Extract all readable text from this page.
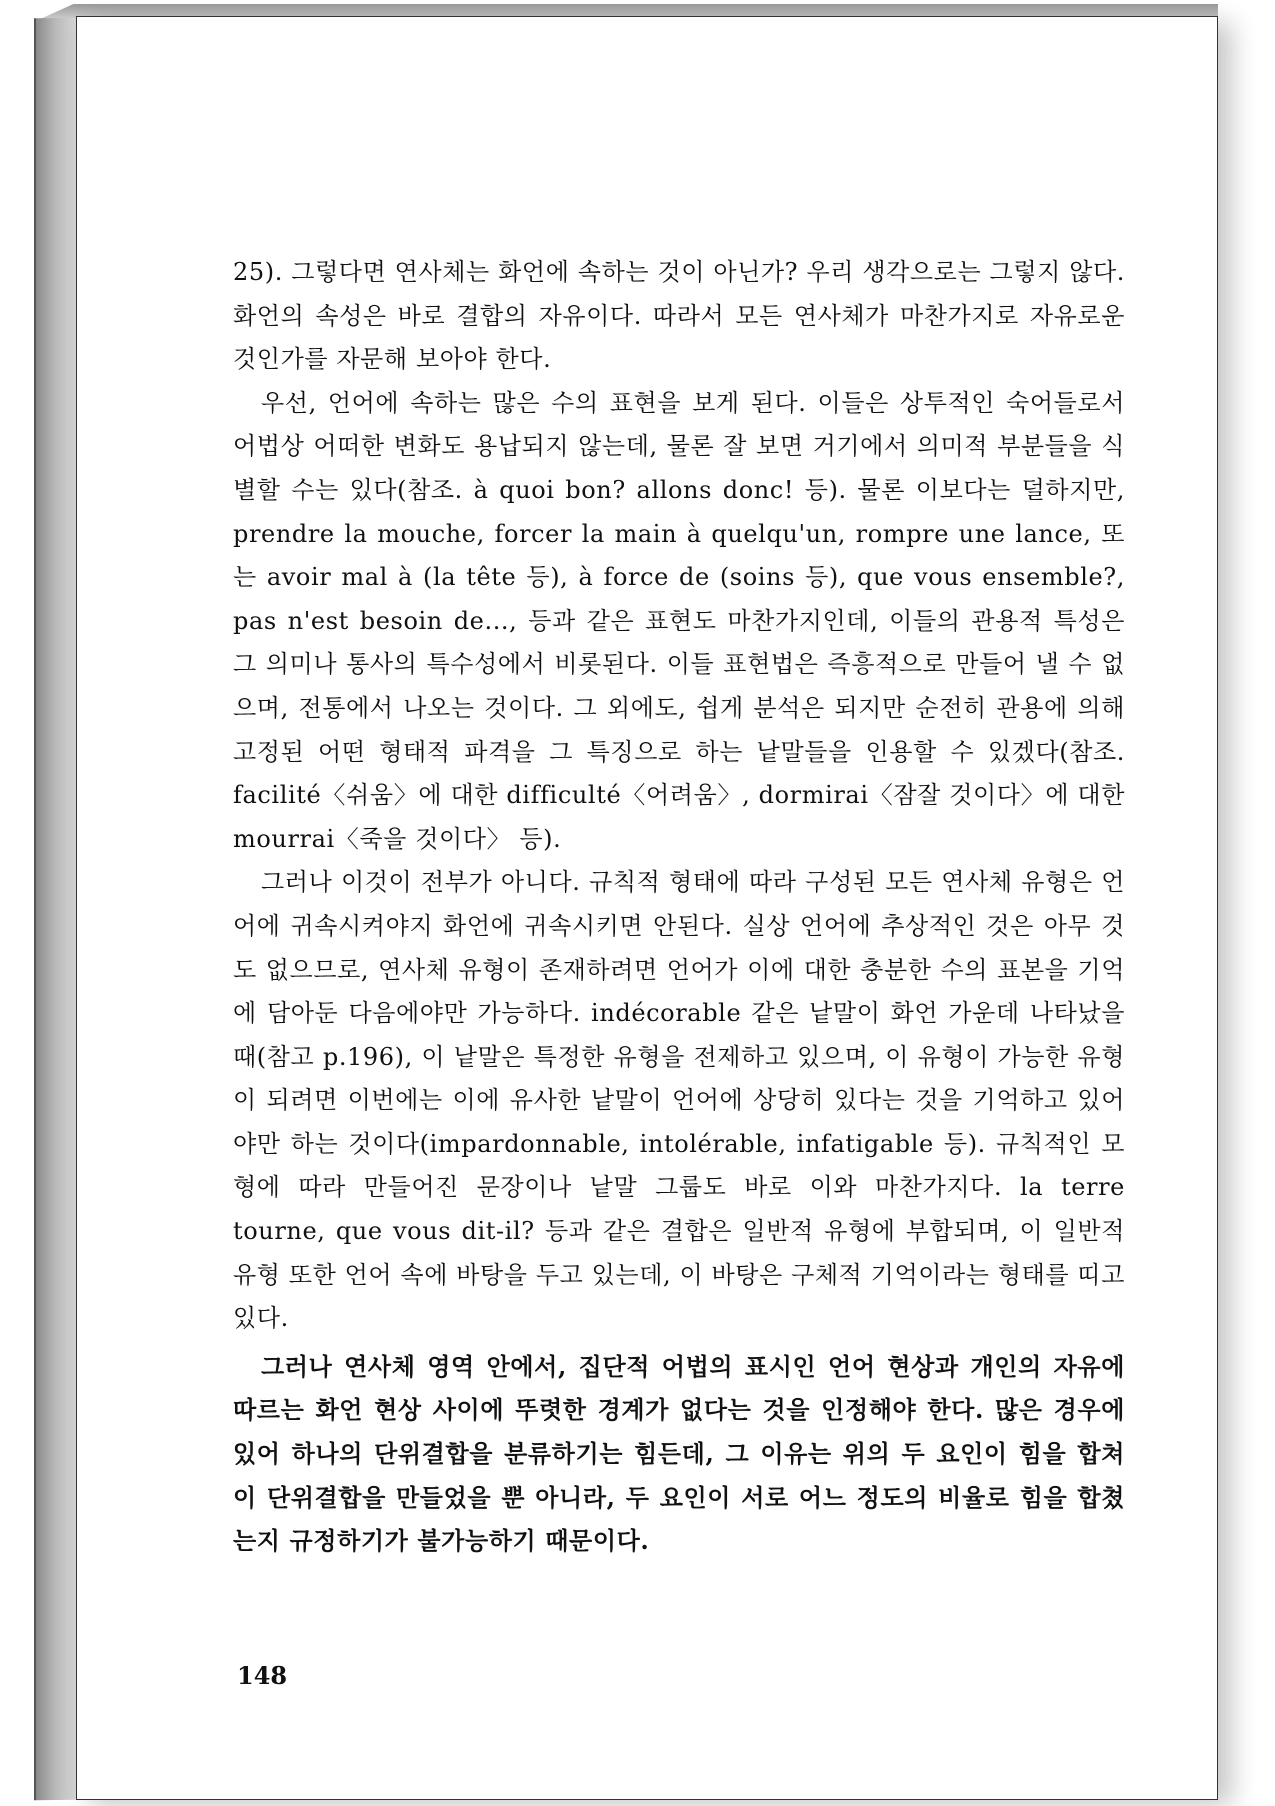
25). 그렇다면 연사체는 화언에 속하는 것이 아닌가? 우리 생각으로는 그렇지 않다. 화언의 속성은 바로 결합의 자유이다. 따라서 모든 연사체가 마찬가지로 자유로운 것인가를 자문해 보아야 한다.

우선, 언어에 속하는 많은 수의 표현을 보게 된다. 이들은 상투적인 숙어들로서 어법상 어떠한 변화도 용납되지 않는데, 물론 잘 보면 거기에서 의미적 부분들을 식별할 수는 있다(참조. à quoi bon? allons donc! 등). 물론 이보다는 덜하지만, prendre la mouche, forcer la main à quelqu'un, rompre une lance, 또는 avoir mal à (la tête 등), à force de (soins 등), que vous ensemble?, pas n'est besoin de..., 등과 같은 표현도 마찬가지인데, 이들의 관용적 특성은 그 의미나 통사의 특수성에서 비롯된다. 이들 표현법은 즉흥적으로 만들어 낼 수 없으며, 전통에서 나오는 것이다. 그 외에도, 쉽게 분석은 되지만 순전히 관용에 의해 고정된 어떤 형태적 파격을 그 특징으로 하는 낱말들을 인용할 수 있겠다(참조. facilité〈쉬움〉에 대한 difficulté〈어려움〉, dormirai〈잠잘 것이다〉에 대한 mourrai〈죽을 것이다〉 등).

그러나 이것이 전부가 아니다. 규칙적 형태에 따라 구성된 모든 연사체 유형은 언어에 귀속시켜야지 화언에 귀속시키면 안된다. 실상 언어에 추상적인 것은 아무 것도 없으므로, 연사체 유형이 존재하려면 언어가 이에 대한 충분한 수의 표본을 기억에 담아둔 다음에야만 가능하다. indécorable 같은 낱말이 화언 가운데 나타났을 때(참고 p.196), 이 낱말은 특정한 유형을 전제하고 있으며, 이 유형이 가능한 유형이 되려면 이번에는 이에 유사한 낱말이 언어에 상당히 있다는 것을 기억하고 있어야만 하는 것이다(impardonnable, intolérable, infatigable 등). 규칙적인 모형에 따라 만들어진 문장이나 낱말 그룹도 바로 이와 마찬가지다. la terre tourne, que vous dit-il? 등과 같은 결합은 일반적 유형에 부합되며, 이 일반적 유형 또한 언어 속에 바탕을 두고 있는데, 이 바탕은 구체적 기억이라는 형태를 띠고 있다.

그러나 연사체 영역 안에서, 집단적 어법의 표시인 언어 현상과 개인의 자유에 따르는 화언 현상 사이에 뚜렷한 경계가 없다는 것을 인정해야 한다. 많은 경우에 있어 하나의 단위결합을 분류하기는 힘든데, 그 이유는 위의 두 요인이 힘을 합쳐 이 단위결합을 만들었을 뿐 아니라, 두 요인이 서로 어느 정도의 비율로 힘을 합쳤는지 규정하기가 불가능하기 때문이다.

148
